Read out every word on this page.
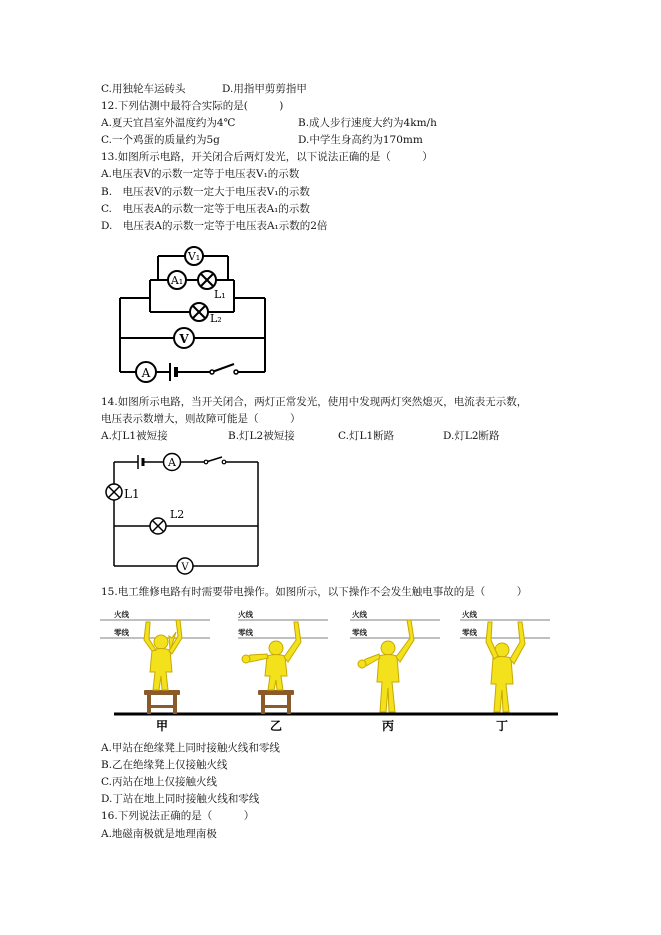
C.用独轮车运砖头	D.用指甲剪剪指甲
12.下列估测中最符合实际的是(　　　)
A.夏天宜昌室外温度约为4℃	B.成人步行速度大约为4km/h
C.一个鸡蛋的质量约为5g	D.中学生身高约为170mm
13.如图所示电路，开关闭合后两灯发光，以下说法正确的是（　　　）
A.电压表V的示数一定等于电压表V₁的示数
B.　电压表V的示数一定大于电压表V₁的示数
C.　电压表A的示数一定等于电压表A₁的示数
D.　电压表A的示数一定等于电压表A₁示数的2倍
V₁
A₁
L₁
L₂
V
A
14.如图所示电路，当开关闭合，两灯正常发光，使用中发现两灯突然熄灭，电流表无示数，
电压表示数增大，则故障可能是（　　　）
A.灯L1被短接	B.灯L2被短接	C.灯L1断路	D.灯L2断路
A
L1
L2
V
15.电工维修电路有时需要带电操作。如图所示，以下操作不会发生触电事故的是（　　　）
火线
零线
火线
零线
火线
零线
火线
零线
甲	乙	丙	丁
A.甲站在绝缘凳上同时接触火线和零线
B.乙在绝缘凳上仅接触火线
C.丙站在地上仅接触火线
D.丁站在地上同时接触火线和零线
16.下列说法正确的是（　　　）
A.地磁南极就是地理南极
